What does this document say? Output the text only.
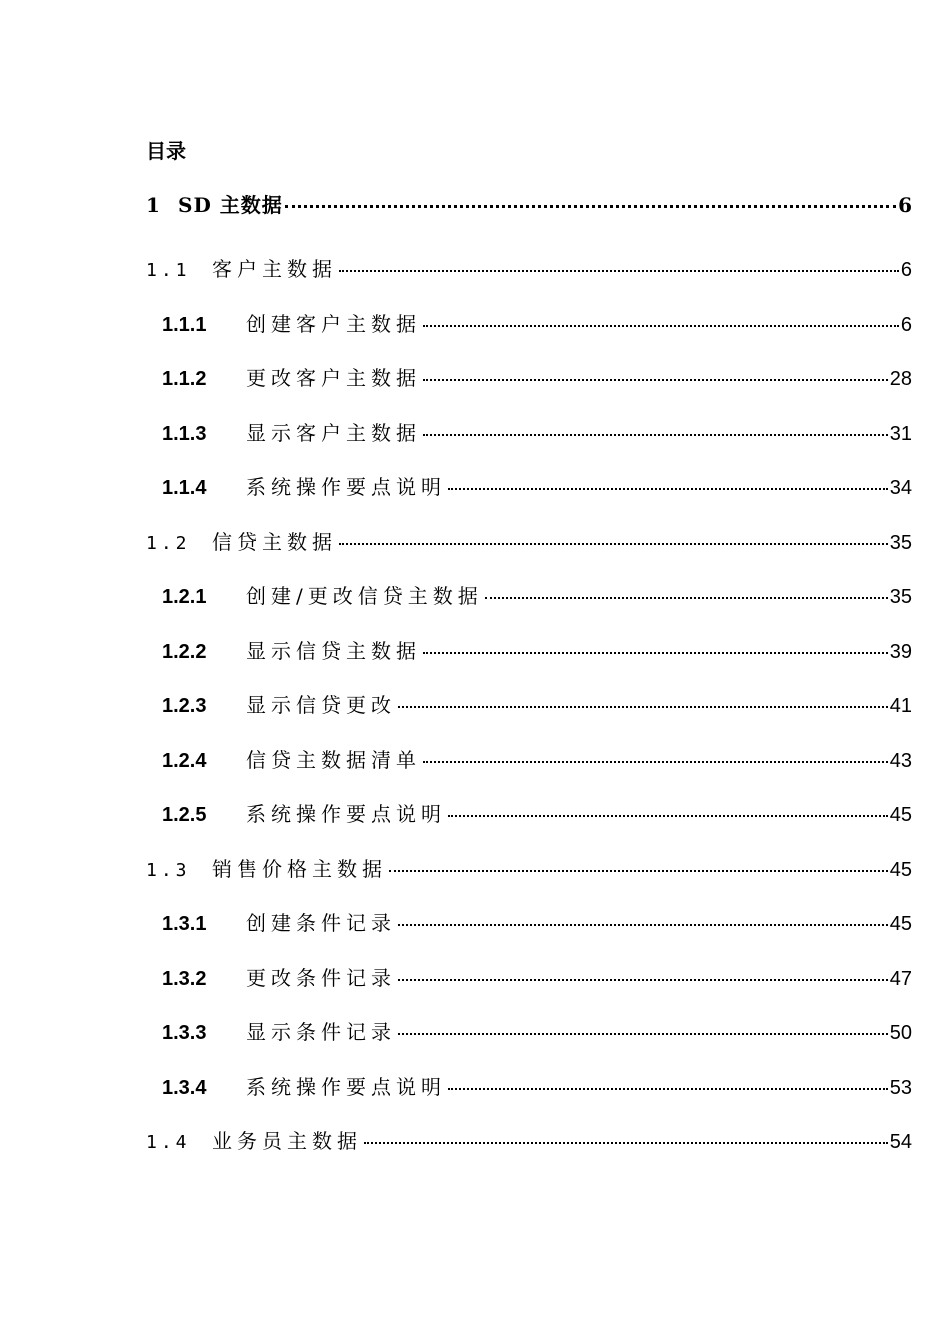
目录
1 SD 主数据	6
1.1	客户主数据	6
1.1.1	创建客户主数据	6
1.1.2	更改客户主数据	28
1.1.3	显示客户主数据	31
1.1.4	系统操作要点说明	34
1.2	信贷主数据	35
1.2.1	创建/更改信贷主数据	35
1.2.2	显示信贷主数据	39
1.2.3	显示信贷更改	41
1.2.4	信贷主数据清单	43
1.2.5	系统操作要点说明	45
1.3	销售价格主数据	45
1.3.1	创建条件记录	45
1.3.2	更改条件记录	47
1.3.3	显示条件记录	50
1.3.4	系统操作要点说明	53
1.4	业务员主数据	54
